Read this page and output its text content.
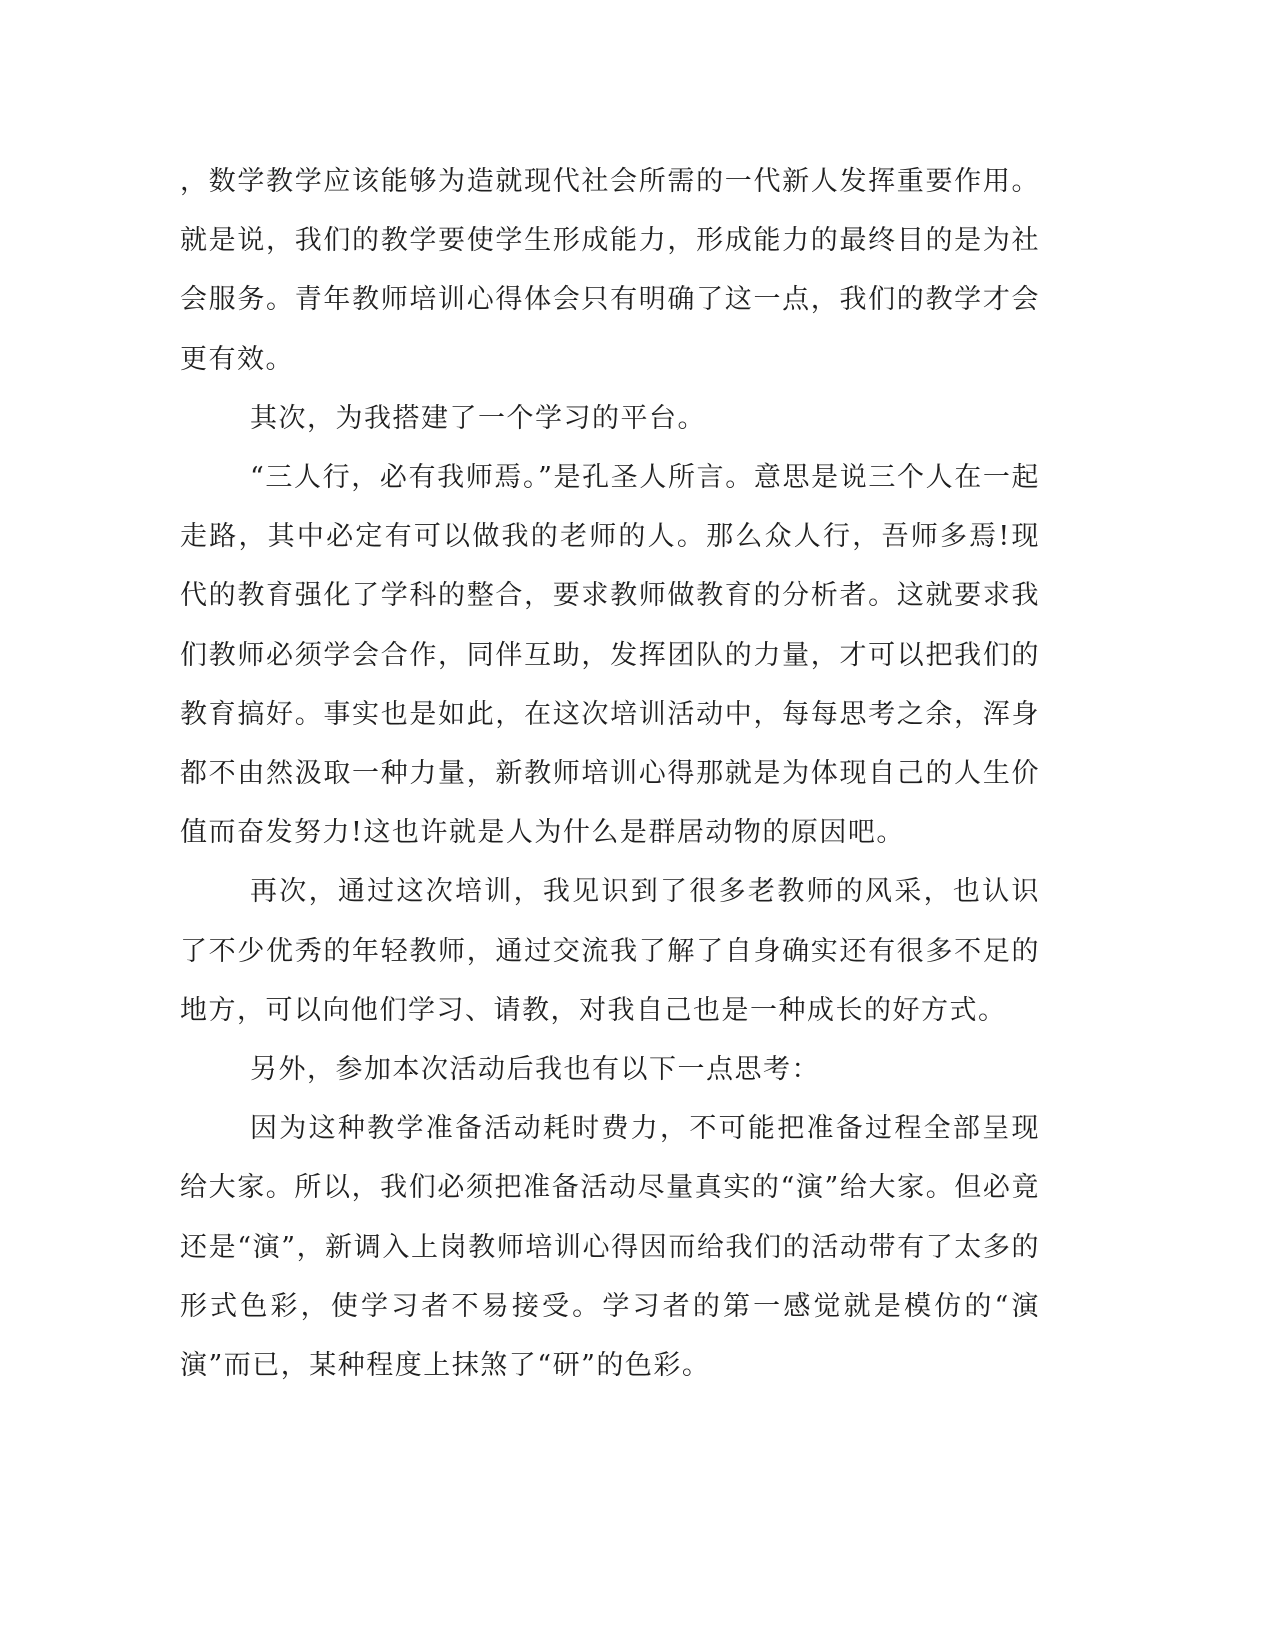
，数学教学应该能够为造就现代社会所需的一代新人发挥重要作用。就是说，我们的教学要使学生形成能力，形成能力的最终目的是为社会服务。青年教师培训心得体会只有明确了这一点，我们的教学才会更有效。

其次，为我搭建了一个学习的平台。

“三人行，必有我师焉。”是孔圣人所言。意思是说三个人在一起走路，其中必定有可以做我的老师的人。那么众人行，吾师多焉!现代的教育强化了学科的整合，要求教师做教育的分析者。这就要求我们教师必须学会合作，同伴互助，发挥团队的力量，才可以把我们的教育搞好。事实也是如此，在这次培训活动中，每每思考之余，浑身都不由然汲取一种力量，新教师培训心得那就是为体现自己的人生价值而奋发努力!这也许就是人为什么是群居动物的原因吧。

再次，通过这次培训，我见识到了很多老教师的风采，也认识了不少优秀的年轻教师，通过交流我了解了自身确实还有很多不足的地方，可以向他们学习、请教，对我自己也是一种成长的好方式。

另外，参加本次活动后我也有以下一点思考：

因为这种教学准备活动耗时费力，不可能把准备过程全部呈现给大家。所以，我们必须把准备活动尽量真实的“演”给大家。但必竟还是“演”，新调入上岗教师培训心得因而给我们的活动带有了太多的形式色彩，使学习者不易接受。学习者的第一感觉就是模仿的“演演”而已，某种程度上抹煞了“研”的色彩。
